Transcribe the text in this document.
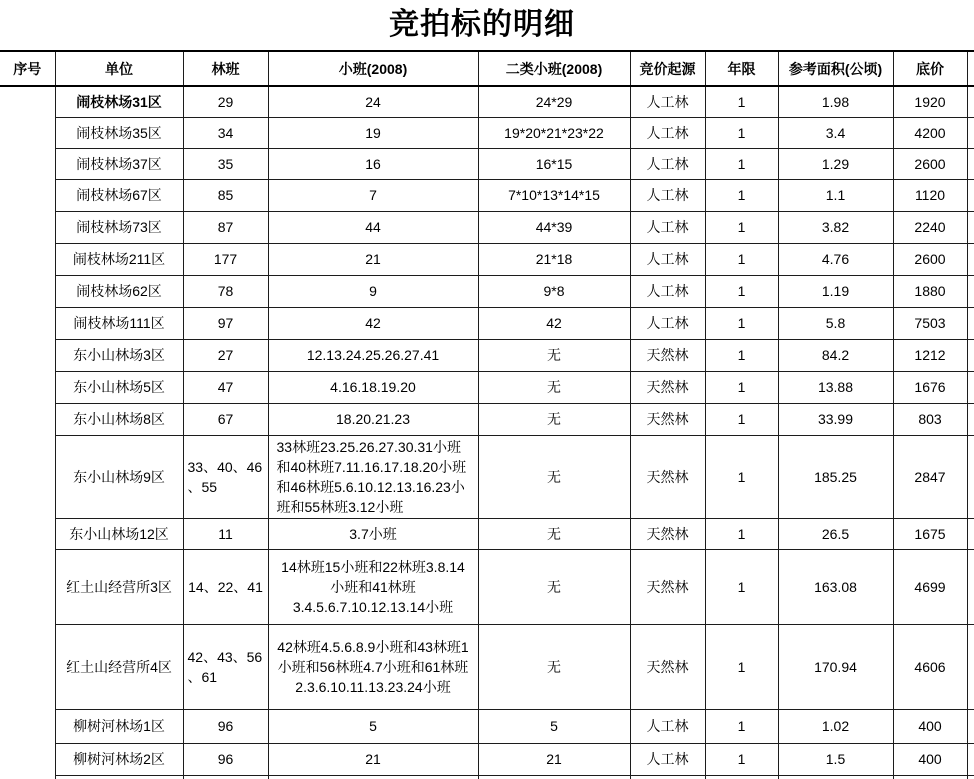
竞拍标的明细
序号	单位	林班	小班(2008)	二类小班(2008)	竞价起源	年限	参考面积(公顷)	底价	
	闹枝林场31区	29	24	24*29	人工林	1	1.98	1920	
	闹枝林场35区	34	19	19*20*21*23*22	人工林	1	3.4	4200	
	闹枝林场37区	35	16	16*15	人工林	1	1.29	2600	
	闹枝林场67区	85	7	7*10*13*14*15	人工林	1	1.1	1120	
	闹枝林场73区	87	44	44*39	人工林	1	3.82	2240	
	闹枝林场211区	177	21	21*18	人工林	1	4.76	2600	
	闹枝林场62区	78	9	9*8	人工林	1	1.19	1880	
	闹枝林场111区	97	42	42	人工林	1	5.8	7503	
	东小山林场3区	27	12.13.24.25.26.27.41	无	天然林	1	84.2	1212	
	东小山林场5区	47	4.16.18.19.20	无	天然林	1	13.88	1676	
	东小山林场8区	67	18.20.21.23	无	天然林	1	33.99	803	
	东小山林场9区	33、40、46
、55	33林班23.25.26.27.30.31小班
和40林班7.11.16.17.18.20小班
和46林班5.6.10.12.13.16.23小
班和55林班3.12小班	无	天然林	1	185.25	2847	
	东小山林场12区	11	3.7小班	无	天然林	1	26.5	1675	
	红土山经营所3区	14、22、41	14林班15小班和22林班3.8.14
小班和41林班
3.4.5.6.7.10.12.13.14小班	无	天然林	1	163.08	4699	
	红土山经营所4区	42、43、56
、61	42林班4.5.6.8.9小班和43林班1
小班和56林班4.7小班和61林班
2.3.6.10.11.13.23.24小班	无	天然林	1	170.94	4606	
	柳树河林场1区	96	5	5	人工林	1	1.02	400	
	柳树河林场2区	96	21	21	人工林	1	1.5	400	
